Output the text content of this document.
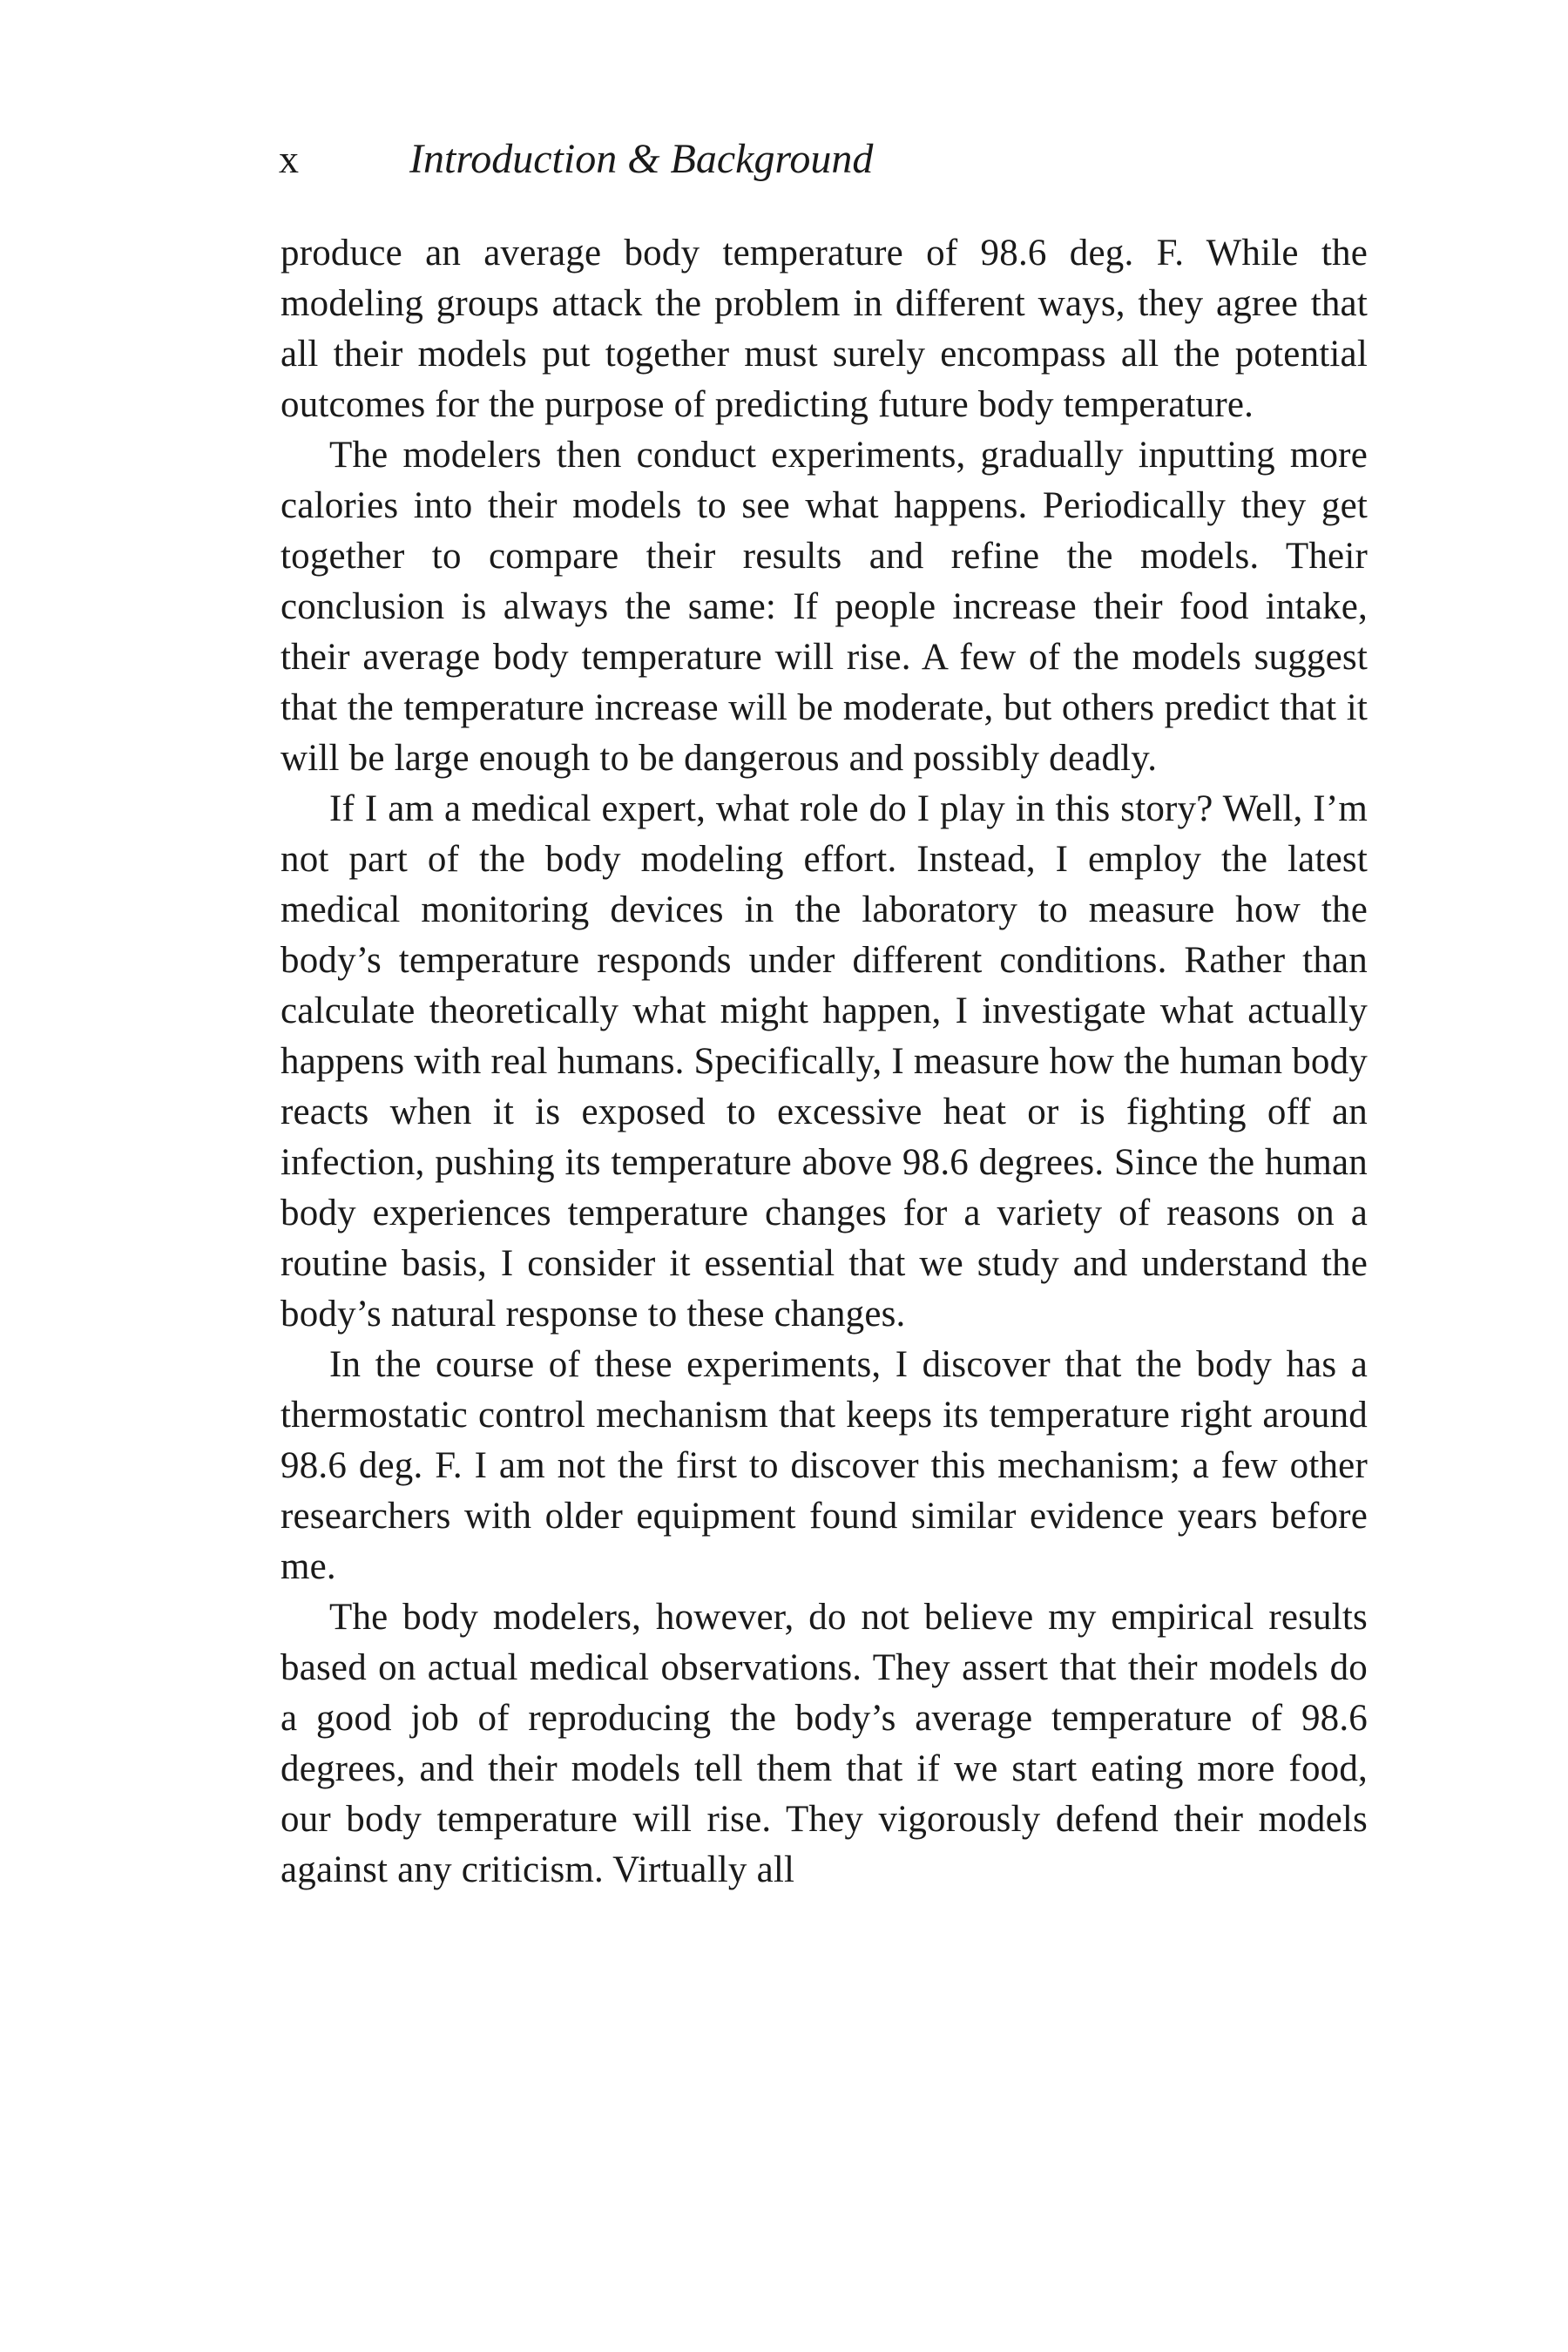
x	Introduction & Background

produce an average body temperature of 98.6 deg. F. While the modeling groups attack the problem in different ways, they agree that all their models put together must surely encompass all the potential outcomes for the purpose of predicting future body temperature.

The modelers then conduct experiments, gradually inputting more calories into their models to see what happens. Periodically they get together to compare their results and refine the models. Their conclusion is always the same: If people increase their food intake, their average body temperature will rise. A few of the models suggest that the temperature increase will be moderate, but others predict that it will be large enough to be dangerous and possibly deadly.

If I am a medical expert, what role do I play in this story? Well, I’m not part of the body modeling effort. Instead, I employ the latest medical monitoring devices in the laboratory to measure how the body’s temperature responds under different conditions. Rather than calculate theoretically what might happen, I investigate what actually happens with real humans. Specifically, I measure how the human body reacts when it is exposed to excessive heat or is fighting off an infection, pushing its temperature above 98.6 degrees. Since the human body experiences temperature changes for a variety of reasons on a routine basis, I consider it essential that we study and understand the body’s natural response to these changes.

In the course of these experiments, I discover that the body has a thermostatic control mechanism that keeps its temperature right around 98.6 deg. F. I am not the first to discover this mechanism; a few other researchers with older equipment found similar evidence years before me.

The body modelers, however, do not believe my empirical results based on actual medical observations. They assert that their models do a good job of reproducing the body’s average temperature of 98.6 degrees, and their models tell them that if we start eating more food, our body temperature will rise. They vigorously defend their models against any criticism. Virtually all
